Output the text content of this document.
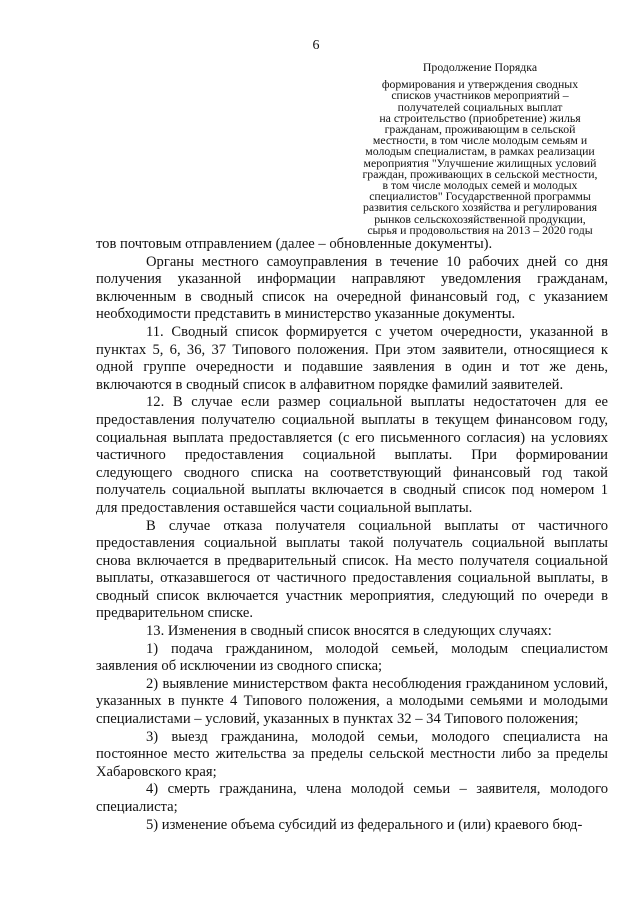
6
Продолжение Порядка
формирования и утверждения сводных
списков участников мероприятий –
получателей социальных выплат
на строительство (приобретение) жилья
гражданам, проживающим в сельской
местности, в том числе молодым семьям и
молодым специалистам, в рамках реализации
мероприятия "Улучшение жилищных условий
граждан, проживающих в сельской местности,
в том числе молодых семей и молодых
специалистов" Государственной программы
развития сельского хозяйства и регулирования
рынков сельскохозяйственной продукции,
сырья и продовольствия на 2013 – 2020 годы

тов почтовым отправлением (далее – обновленные документы).

Органы местного самоуправления в течение 10 рабочих дней со дня получения указанной информации направляют уведомления гражданам, включенным в сводный список на очередной финансовый год, с указанием необходимости представить в министерство указанные документы.

11. Сводный список формируется с учетом очередности, указанной в пунктах 5, 6, 36, 37 Типового положения. При этом заявители, относящиеся к одной группе очередности и подавшие заявления в один и тот же день, включаются в сводный список в алфавитном порядке фамилий заявителей.

12. В случае если размер социальной выплаты недостаточен для ее предоставления получателю социальной выплаты в текущем финансовом году, социальная выплата предоставляется (с его письменного согласия) на условиях частичного предоставления социальной выплаты. При формировании следующего сводного списка на соответствующий финансовый год такой получатель социальной выплаты включается в сводный список под номером 1 для предоставления оставшейся части социальной выплаты.

В случае отказа получателя социальной выплаты от частичного предоставления социальной выплаты такой получатель социальной выплаты снова включается в предварительный список. На место получателя социальной выплаты, отказавшегося от частичного предоставления социальной выплаты, в сводный список включается участник мероприятия, следующий по очереди в предварительном списке.

13. Изменения в сводный список вносятся в следующих случаях:

1) подача гражданином, молодой семьей, молодым специалистом заявления об исключении из сводного списка;

2) выявление министерством факта несоблюдения гражданином условий, указанных в пункте 4 Типового положения, а молодыми семьями и молодыми специалистами – условий, указанных в пунктах 32 – 34 Типового положения;

3) выезд гражданина, молодой семьи, молодого специалиста на постоянное место жительства за пределы сельской местности либо за пределы Хабаровского края;

4) смерть гражданина, члена молодой семьи – заявителя, молодого специалиста;

5) изменение объема субсидий из федерального и (или) краевого бюд-
